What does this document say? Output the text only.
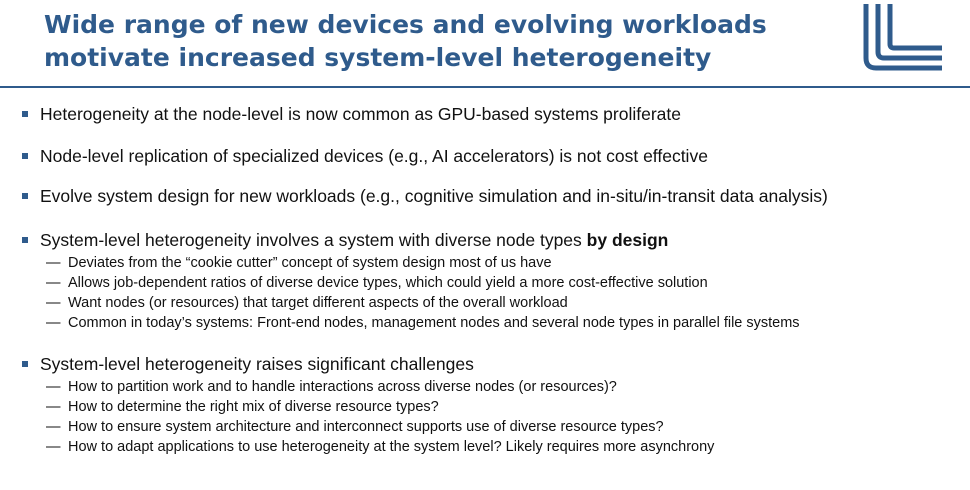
Wide range of new devices and evolving workloads
motivate increased system-level heterogeneity
Heterogeneity at the node-level is now common as GPU-based systems proliferate
Node-level replication of specialized devices (e.g., AI accelerators) is not cost effective
Evolve system design for new workloads (e.g., cognitive simulation and in-situ/in-transit data analysis)
System-level heterogeneity involves a system with diverse node types by design
— Deviates from the “cookie cutter” concept of system design most of us have
— Allows job-dependent ratios of diverse device types, which could yield a more cost-effective solution
— Want nodes (or resources) that target different aspects of the overall workload
— Common in today’s systems: Front-end nodes, management nodes and several node types in parallel file systems
System-level heterogeneity raises significant challenges
— How to partition work and to handle interactions across diverse nodes (or resources)?
— How to determine the right mix of diverse resource types?
— How to ensure system architecture and interconnect supports use of diverse resource types?
— How to adapt applications to use heterogeneity at the system level? Likely requires more asynchrony
